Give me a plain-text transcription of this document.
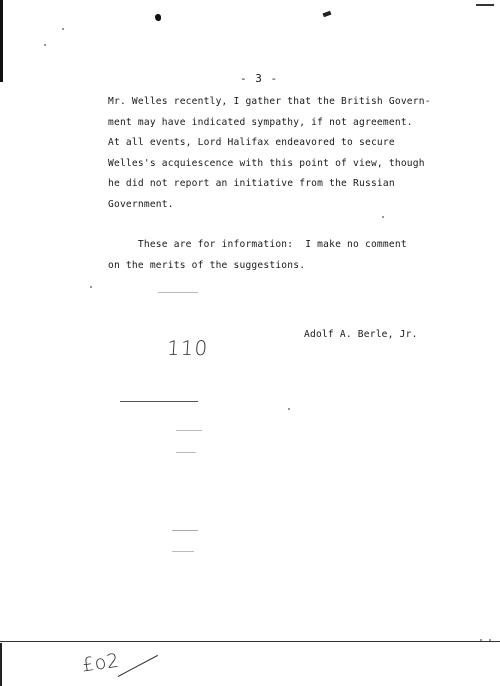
- 3 -
Mr. Welles recently, I gather that the British Govern-
ment may have indicated sympathy, if not agreement.
At all events, Lord Halifax endeavored to secure
Welles's acquiescence with this point of view, though
he did not report an initiative from the Russian
Government.
These are for information:  I make no comment
on the merits of the suggestions.
110
Adolf A. Berle, Jr.
£o2
